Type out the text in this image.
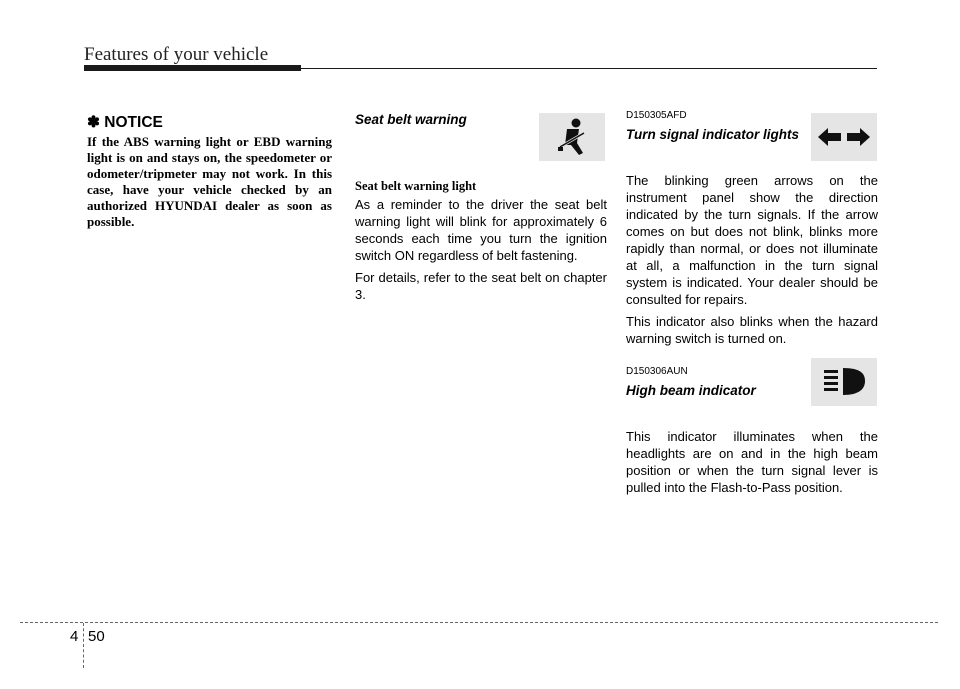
Features of your vehicle
✽ NOTICE
If the ABS warning light or EBD warning light is on and stays on, the speedometer or odometer/tripmeter may not work. In this case, have your vehicle checked by an authorized HYUNDAI dealer as soon as possible.
Seat belt warning
Seat belt warning light
As a reminder to the driver the seat belt warning light will blink for approximately 6 seconds each time you turn the ignition switch ON regardless of belt fastening.
For details, refer to the seat belt on chapter 3.
D150305AFD
Turn signal indicator lights
The blinking green arrows on the instrument panel show the direction indicated by the turn signals. If the arrow comes on but does not blink, blinks more rapidly than normal, or does not illuminate at all, a malfunction in the turn signal system is indicated. Your dealer should be consulted for repairs.
This indicator also blinks when the hazard warning switch is turned on.
D150306AUN
High beam indicator
This indicator illuminates when the headlights are on and in the high beam position or when the turn signal lever is pulled into the Flash-to-Pass position.
4 50
